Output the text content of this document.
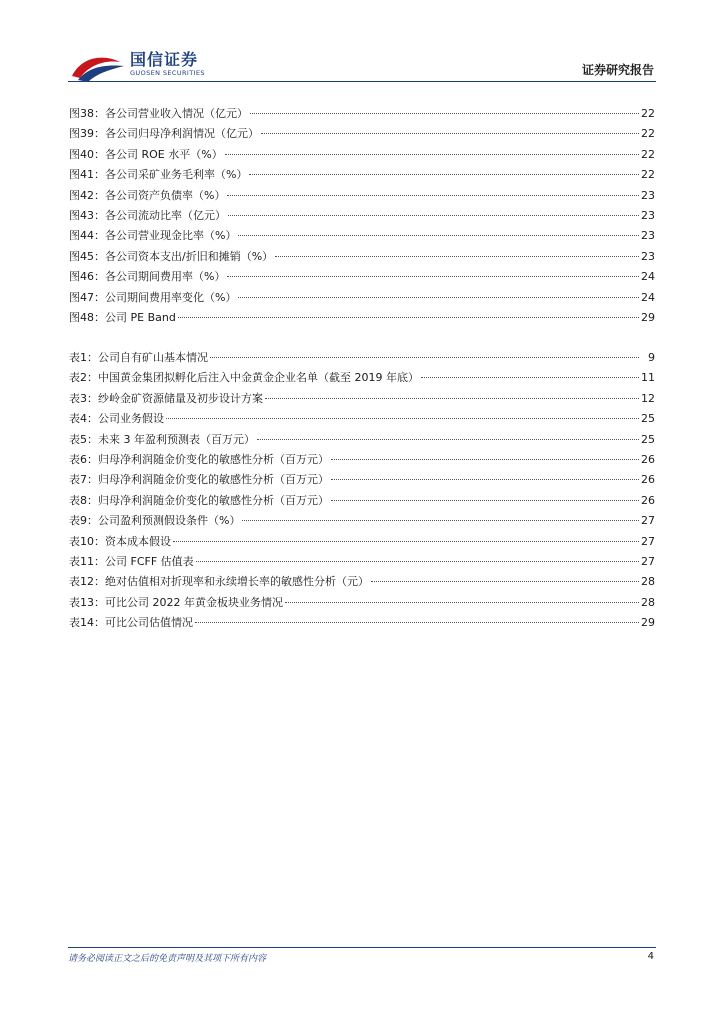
国信证券
GUOSEN SECURITIES	证券研究报告
图38： 各公司营业收入情况（亿元）	22
图39： 各公司归母净利润情况（亿元）	22
图40： 各公司 ROE 水平（%）	22
图41： 各公司采矿业务毛利率（%）	22
图42： 各公司资产负债率（%）	23
图43： 各公司流动比率（亿元）	23
图44： 各公司营业现金比率（%）	23
图45： 各公司资本支出/折旧和摊销（%）	23
图46： 各公司期间费用率（%）	24
图47： 公司期间费用率变化（%）	24
图48： 公司 PE Band	29
表1： 公司自有矿山基本情况	9
表2： 中国黄金集团拟孵化后注入中金黄金企业名单（截至 2019 年底）	11
表3： 纱岭金矿资源储量及初步设计方案	12
表4： 公司业务假设	25
表5： 未来 3 年盈利预测表（百万元）	25
表6： 归母净利润随金价变化的敏感性分析（百万元）	26
表7： 归母净利润随金价变化的敏感性分析（百万元）	26
表8： 归母净利润随金价变化的敏感性分析（百万元）	26
表9： 公司盈利预测假设条件（%）	27
表10： 资本成本假设	27
表11： 公司 FCFF 估值表	27
表12： 绝对估值相对折现率和永续增长率的敏感性分析（元）	28
表13： 可比公司 2022 年黄金板块业务情况	28
表14： 可比公司估值情况	29
请务必阅读正文之后的免责声明及其项下所有内容	4
